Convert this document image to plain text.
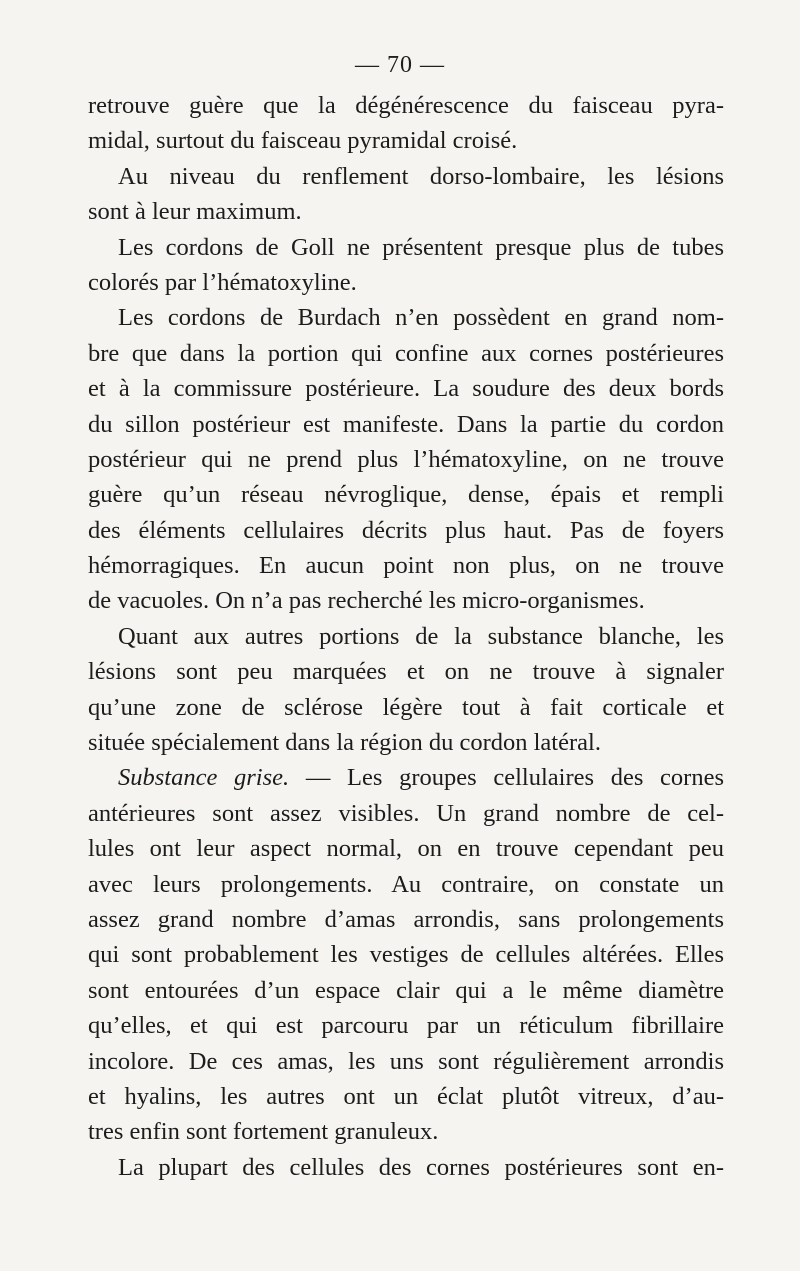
— 70 —
retrouve guère que la dégénérescence du faisceau pyra-
midal, surtout du faisceau pyramidal croisé.
Au niveau du renflement dorso-lombaire, les lésions
sont à leur maximum.
Les cordons de Goll ne présentent presque plus de tubes
colorés par l’hématoxyline.
Les cordons de Burdach n’en possèdent en grand nom-
bre que dans la portion qui confine aux cornes postérieures
et à la commissure postérieure. La soudure des deux bords
du sillon postérieur est manifeste. Dans la partie du cordon
postérieur qui ne prend plus l’hématoxyline, on ne trouve
guère qu’un réseau névroglique, dense, épais et rempli
des éléments cellulaires décrits plus haut. Pas de foyers
hémorragiques. En aucun point non plus, on ne trouve
de vacuoles. On n’a pas recherché les micro-organismes.
Quant aux autres portions de la substance blanche, les
lésions sont peu marquées et on ne trouve à signaler
qu’une zone de sclérose légère tout à fait corticale et
située spécialement dans la région du cordon latéral.
Substance grise. — Les groupes cellulaires des cornes
antérieures sont assez visibles. Un grand nombre de cel-
lules ont leur aspect normal, on en trouve cependant peu
avec leurs prolongements. Au contraire, on constate un
assez grand nombre d’amas arrondis, sans prolongements
qui sont probablement les vestiges de cellules altérées. Elles
sont entourées d’un espace clair qui a le même diamètre
qu’elles, et qui est parcouru par un réticulum fibrillaire
incolore. De ces amas, les uns sont régulièrement arrondis
et hyalins, les autres ont un éclat plutôt vitreux, d’au-
tres enfin sont fortement granuleux.
La plupart des cellules des cornes postérieures sont en-
